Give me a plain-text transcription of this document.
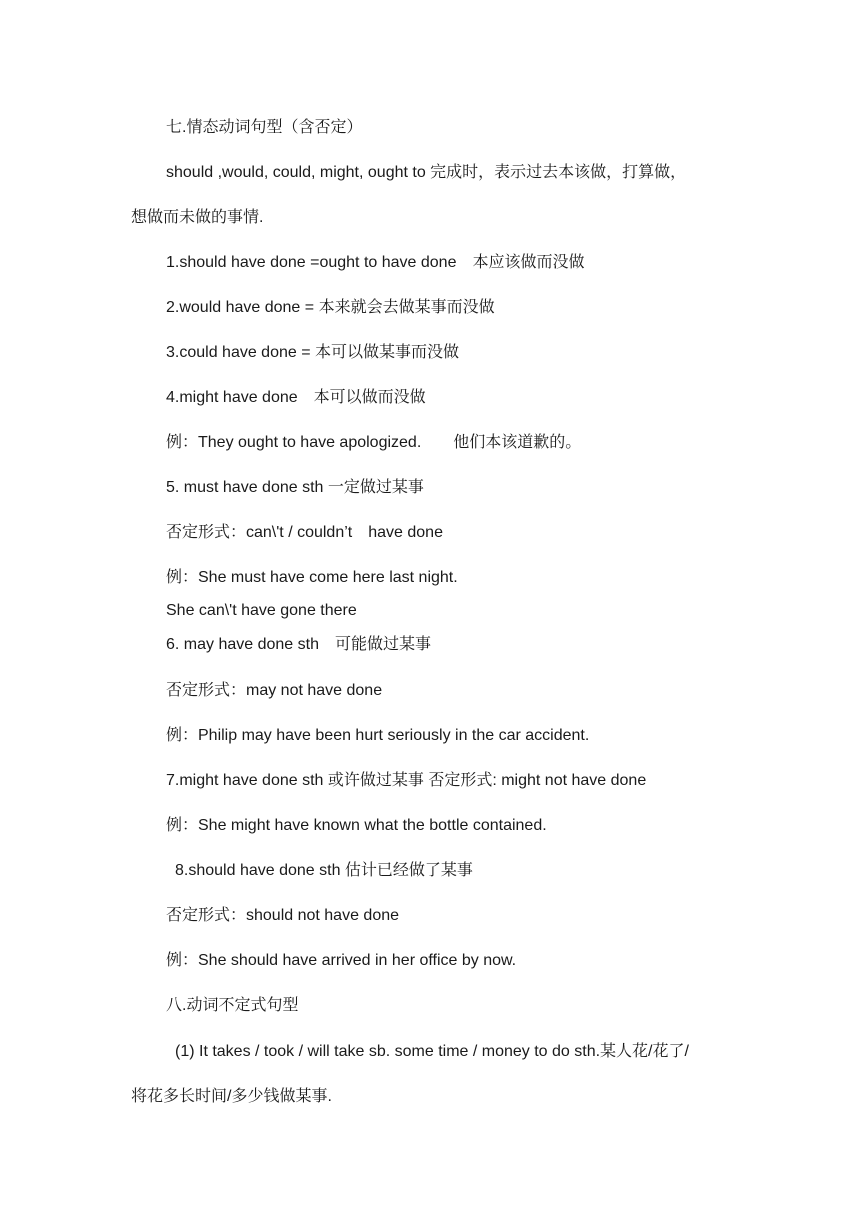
七.情态动词句型（含否定）
should ,would, could, might, ought to 完成时，表示过去本该做，打算做，
想做而未做的事情.
1.should have done =ought to have done　本应该做而没做
2.would have done = 本来就会去做某事而没做
3.could have done = 本可以做某事而没做
4.might have done　本可以做而没做
例：They ought to have apologized.　　他们本该道歉的。
5. must have done sth 一定做过某事
否定形式：can\'t / couldn’t　have done
例：She must have come here last night.
She can\'t have gone there
6. may have done sth　可能做过某事
否定形式：may not have done
例：Philip may have been hurt seriously in the car accident.
7.might have done sth 或许做过某事 否定形式: might not have done
例：She might have known what the bottle contained.
8.should have done sth 估计已经做了某事
否定形式：should not have done
例：She should have arrived in her office by now.
八.动词不定式句型
(1) It takes / took / will take sb. some time / money to do sth.某人花/花了/
将花多长时间/多少钱做某事.
